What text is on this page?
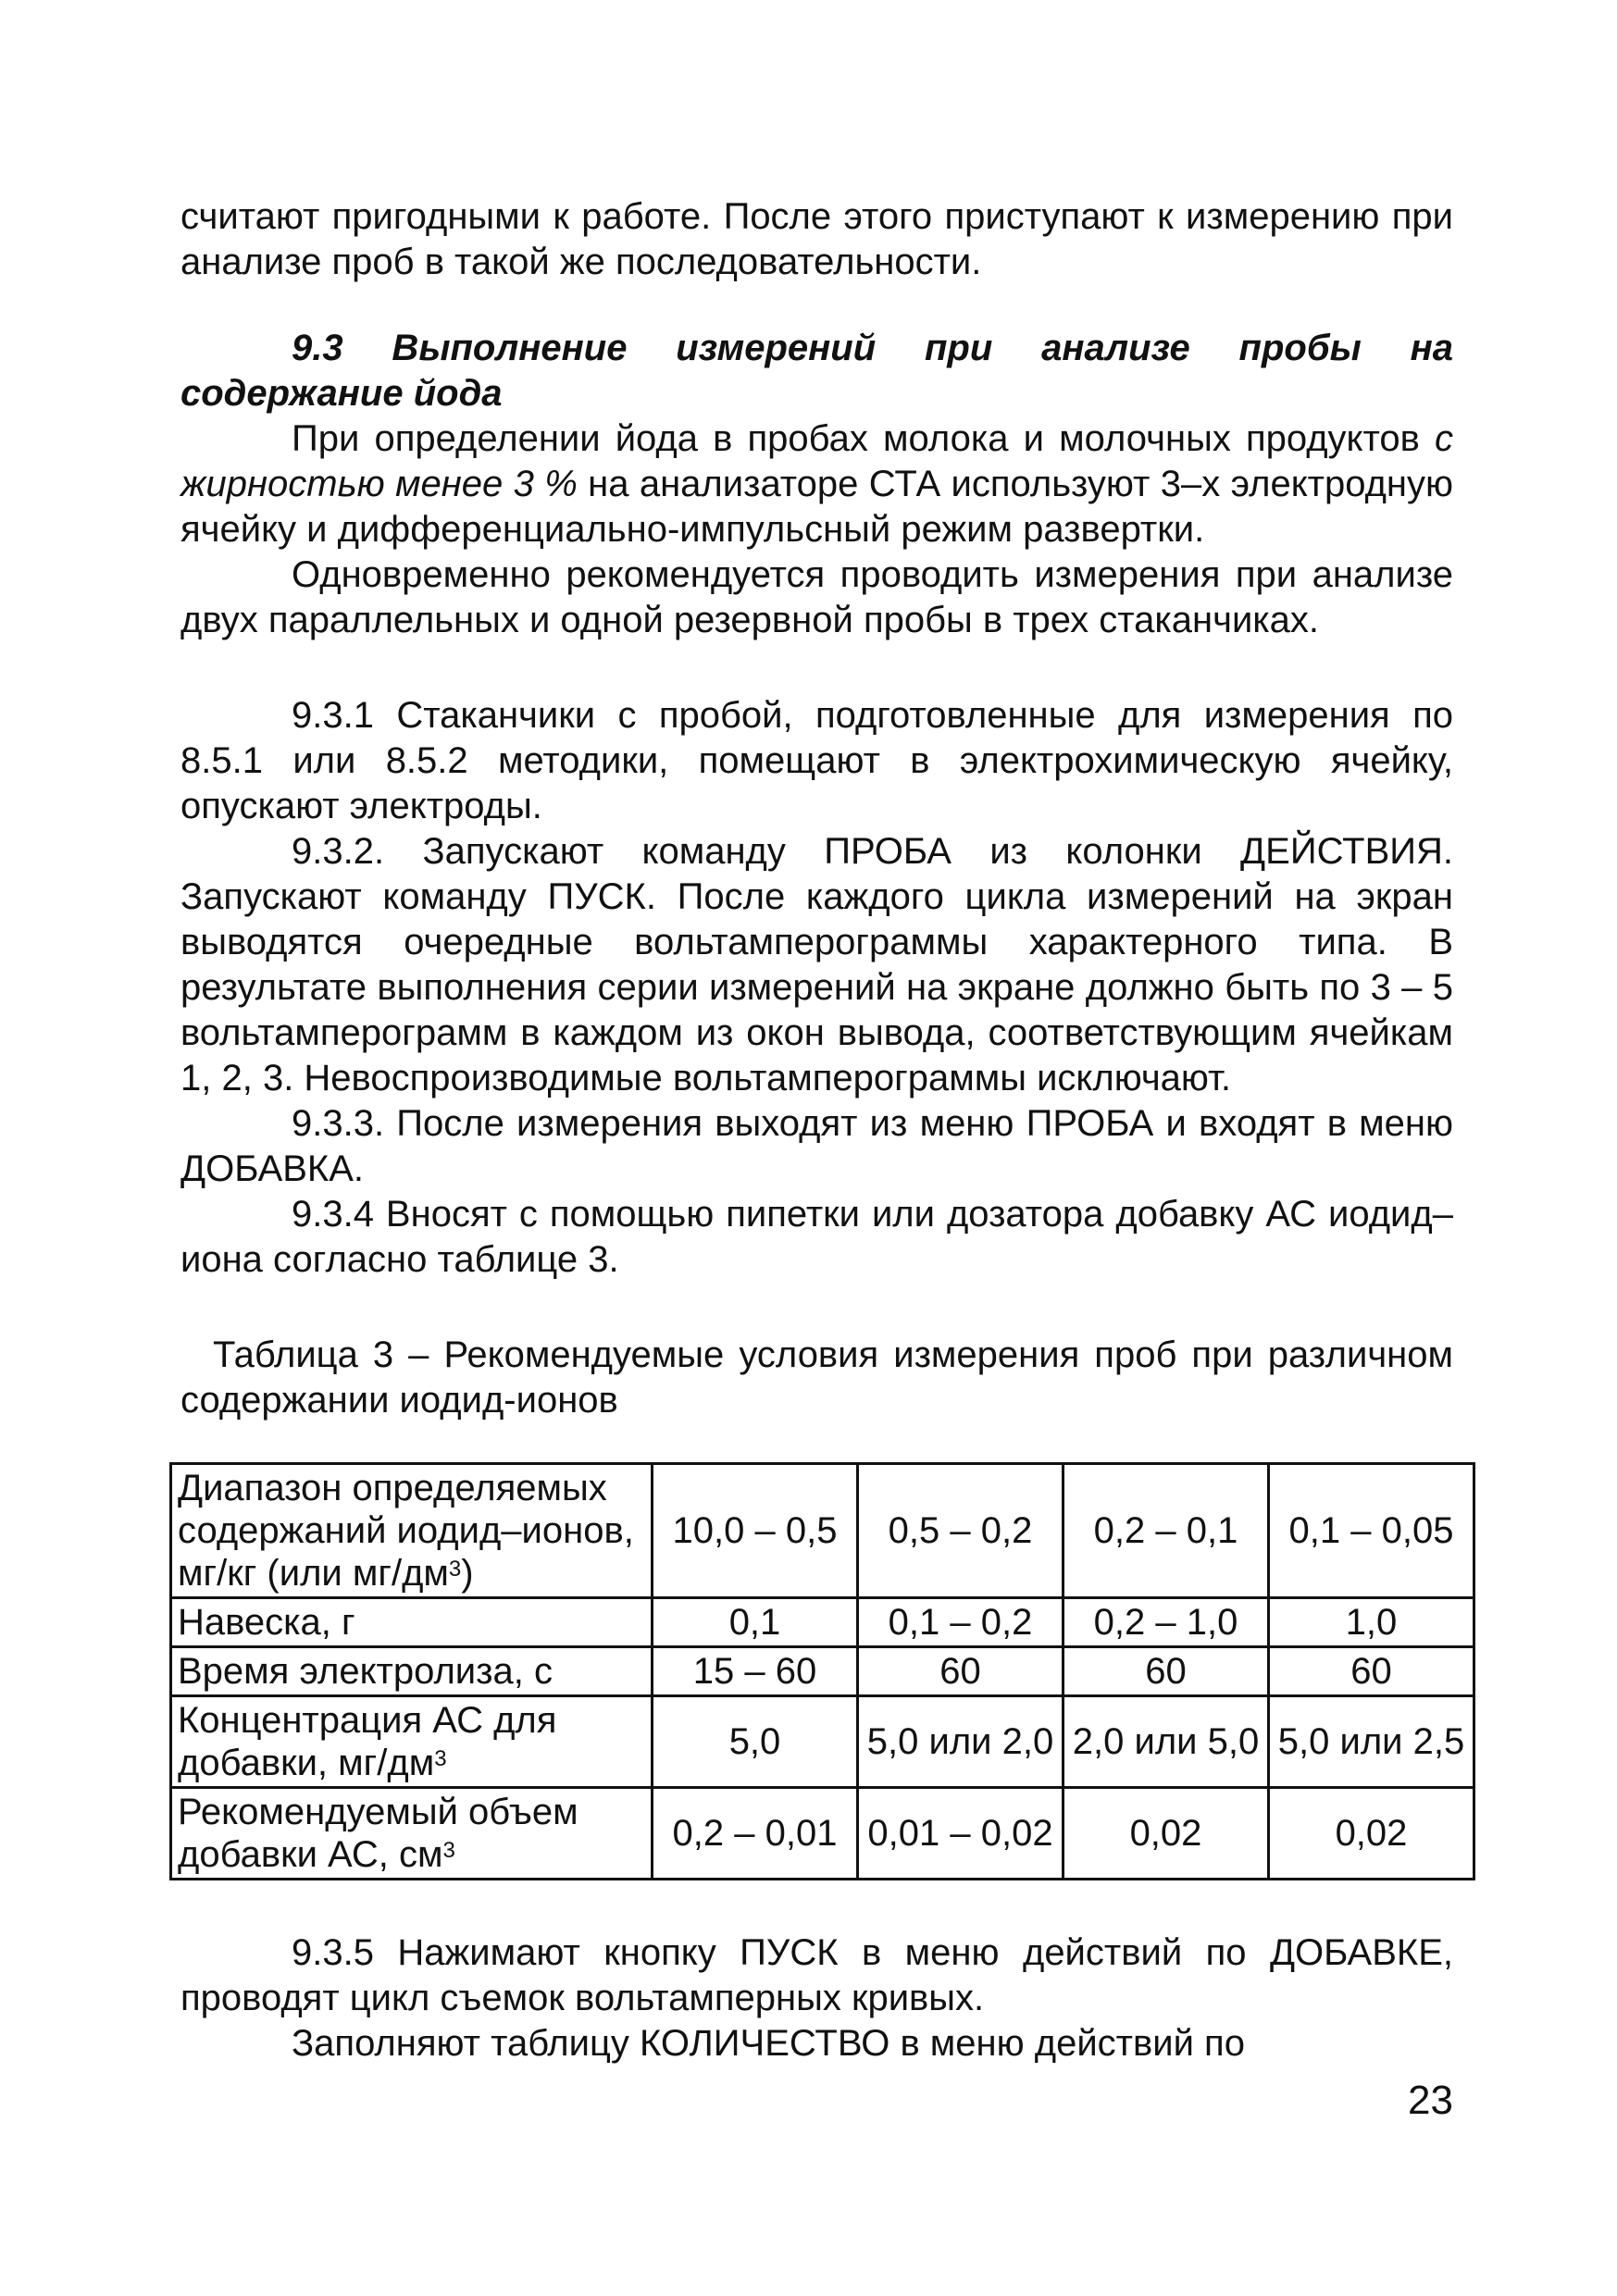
считают пригодными к работе. После этого приступают к измерению при анализе проб в такой же последовательности.

9.3 Выполнение измерений при анализе пробы на содержание йода

При определении йода в пробах молока и молочных продуктов с жирностью менее 3 % на анализаторе СТА используют 3–х электродную ячейку и дифференциально-импульсный режим развертки.

Одновременно рекомендуется проводить измерения при анализе двух параллельных и одной резервной пробы в трех стаканчиках.

9.3.1 Стаканчики с пробой, подготовленные для измерения по 8.5.1 или 8.5.2 методики, помещают в электрохимическую ячейку, опускают электроды.

9.3.2. Запускают команду ПРОБА из колонки ДЕЙСТВИЯ. Запускают команду ПУСК. После каждого цикла измерений на экран выводятся очередные вольтамперограммы характерного типа. В результате выполнения серии измерений на экране должно быть по 3 – 5 вольтамперограмм в каждом из окон вывода, соответствующим ячейкам 1, 2, 3. Невоспроизводимые вольтамперограммы исключают.

9.3.3. После измерения выходят из меню ПРОБА и входят в меню ДОБАВКА.

9.3.4 Вносят с помощью пипетки или дозатора добавку АС иодид–иона согласно таблице 3.

Таблица 3 – Рекомендуемые условия измерения проб при различном содержании иодид-ионов

Диапазон определяемых содержаний иодид–ионов, мг/кг (или $мг/дм^3$)	10,0 – 0,5	0,5 – 0,2	0,2 – 0,1	0,1 – 0,05
Навеска, г	0,1	0,1 – 0,2	0,2 – 1,0	1,0
Время электролиза, с	15 – 60	60	60	60
Концентрация АС для добавки, $мг/дм^3$	5,0	5,0 или 2,0	2,0 или 5,0	5,0 или 2,5
Рекомендуемый объем добавки АС, $см^3$	0,2 – 0,01	0,01 – 0,02	0,02	0,02

9.3.5 Нажимают кнопку ПУСК в меню действий по ДОБАВКЕ, проводят цикл съемок вольтамперных кривых.

Заполняют таблицу КОЛИЧЕСТВО в меню действий по

23
